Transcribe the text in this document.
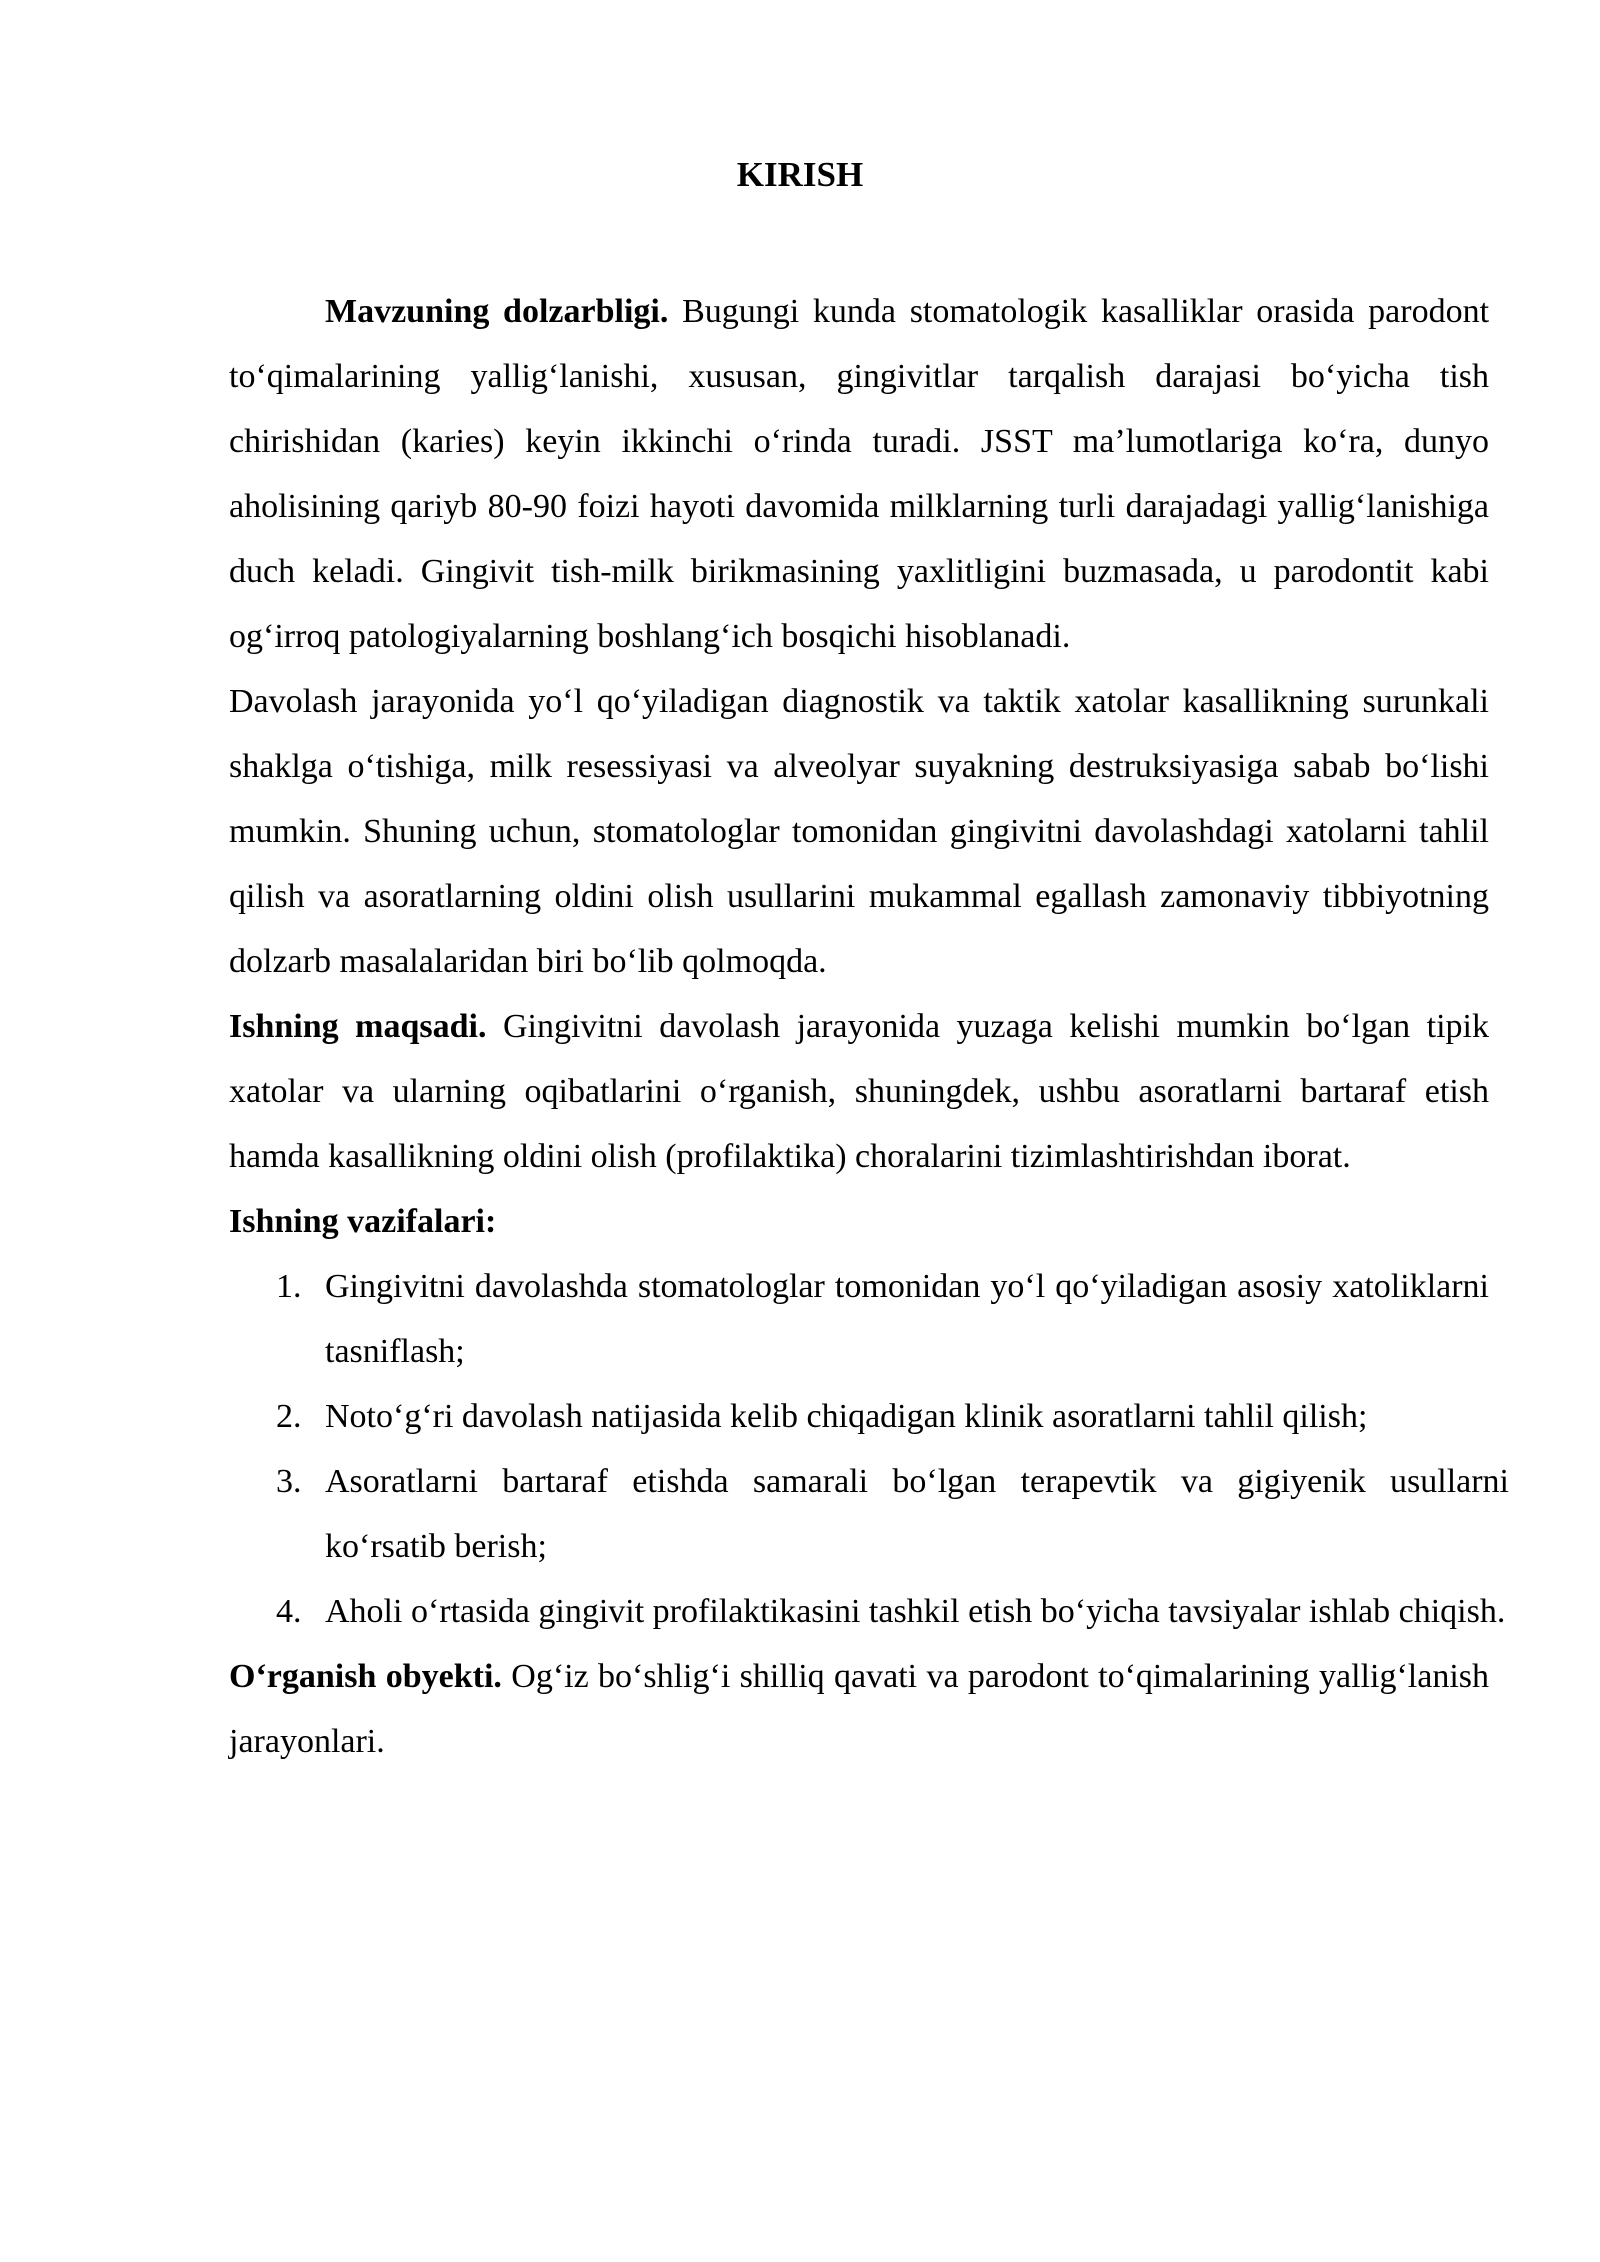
KIRISH

Mavzuning dolzarbligi. Bugungi kunda stomatologik kasalliklar orasida parodont to‘qimalarining yallig‘lanishi, xususan, gingivitlar tarqalish darajasi bo‘yicha tish chirishidan (karies) keyin ikkinchi o‘rinda turadi. JSST ma’lumotlariga ko‘ra, dunyo aholisining qariyb 80-90 foizi hayoti davomida milklarning turli darajadagi yallig‘lanishiga duch keladi. Gingivit tish-milk birikmasining yaxlitligini buzmasada, u parodontit kabi og‘irroq patologiyalarning boshlang‘ich bosqichi hisoblanadi.

Davolash jarayonida yo‘l qo‘yiladigan diagnostik va taktik xatolar kasallikning surunkali shaklga o‘tishiga, milk resessiyasi va alveolyar suyakning destruksiyasiga sabab bo‘lishi mumkin. Shuning uchun, stomatologlar tomonidan gingivitni davolashdagi xatolarni tahlil qilish va asoratlarning oldini olish usullarini mukammal egallash zamonaviy tibbiyotning dolzarb masalalaridan biri bo‘lib qolmoqda.

Ishning maqsadi. Gingivitni davolash jarayonida yuzaga kelishi mumkin bo‘lgan tipik xatolar va ularning oqibatlarini o‘rganish, shuningdek, ushbu asoratlarni bartaraf etish hamda kasallikning oldini olish (profilaktika) choralarini tizimlashtirishdan iborat.

Ishning vazifalari:

1. Gingivitni davolashda stomatologlar tomonidan yo‘l qo‘yiladigan asosiy xatoliklarni tasniflash;
2. Noto‘g‘ri davolash natijasida kelib chiqadigan klinik asoratlarni tahlil qilish;
3. Asoratlarni bartaraf etishda samarali bo‘lgan terapevtik va gigiyenik usullarni ko‘rsatib berish;
4. Aholi o‘rtasida gingivit profilaktikasini tashkil etish bo‘yicha tavsiyalar ishlab chiqish.

O‘rganish obyekti. Og‘iz bo‘shlig‘i shilliq qavati va parodont to‘qimalarining yallig‘lanish jarayonlari.
